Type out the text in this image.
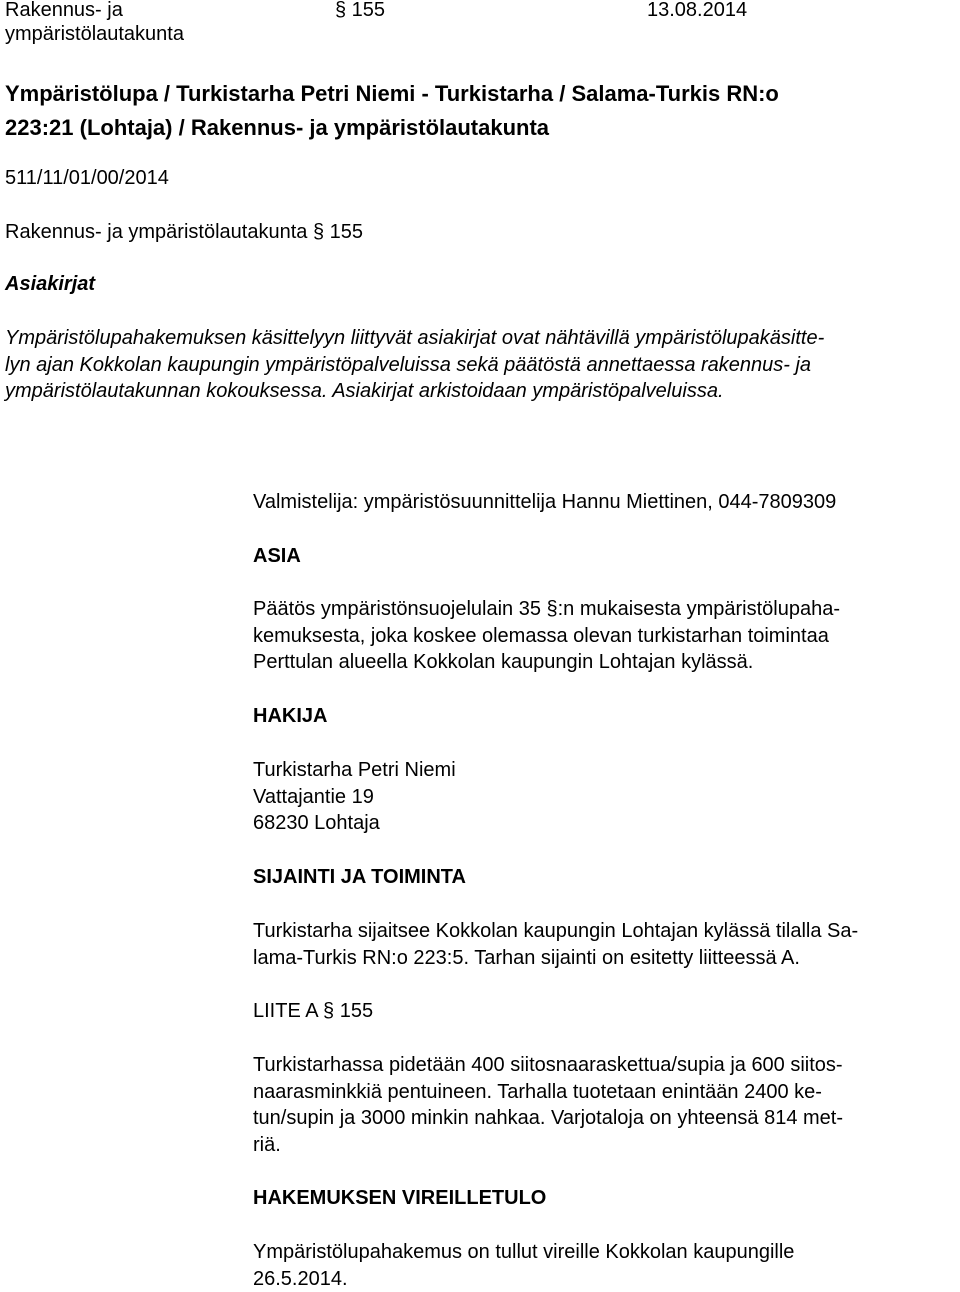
Rakennus- ja
ympäristölautakunta
§ 155	13.08.2014
Ympäristölupa / Turkistarha Petri Niemi - Turkistarha / Salama-Turkis RN:o
223:21 (Lohtaja) / Rakennus- ja ympäristölautakunta
511/11/01/00/2014
Rakennus- ja ympäristölautakunta § 155
Asiakirjat
Ympäristölupahakemuksen käsittelyyn liittyvät asiakirjat ovat nähtävillä ympäristölupakäsitte-
lyn ajan Kokkolan kaupungin ympäristöpalveluissa sekä päätöstä annettaessa rakennus- ja
ympäristölautakunnan kokouksessa. Asiakirjat arkistoidaan ympäristöpalveluissa.
Valmistelija: ympäristösuunnittelija Hannu Miettinen, 044-7809309
ASIA
Päätös ympäristönsuojelulain 35 §:n mukaisesta ympäristölupaha-
kemuksesta, joka koskee olemassa olevan turkistarhan toimintaa
Perttulan alueella Kokkolan kaupungin Lohtajan kylässä.
HAKIJA
Turkistarha Petri Niemi
Vattajantie 19
68230 Lohtaja
SIJAINTI JA TOIMINTA
Turkistarha sijaitsee Kokkolan kaupungin Lohtajan kylässä tilalla Sa-
lama-Turkis RN:o 223:5. Tarhan sijainti on esitetty liitteessä A.
LIITE A § 155
Turkistarhassa pidetään 400 siitosnaaraskettua/supia ja 600 siitos-
naarasminkkiä pentuineen. Tarhalla tuotetaan enintään 2400 ke-
tun/supin ja 3000 minkin nahkaa. Varjotaloja on yhteensä 814 met-
riä.
HAKEMUKSEN VIREILLETULO
Ympäristölupahakemus on tullut vireille Kokkolan kaupungille
26.5.2014.
